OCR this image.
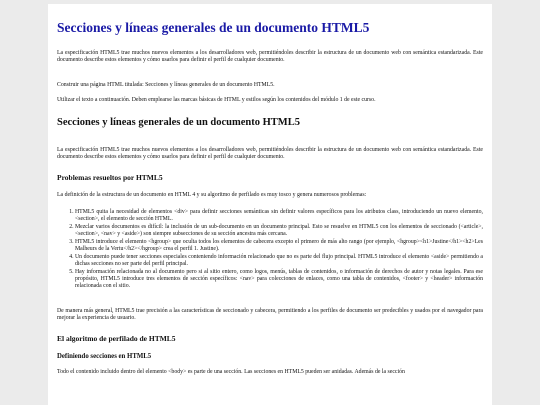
Secciones y líneas generales de un documento HTML5

La especificación HTML5 trae muchos nuevos elementos a los desarrolladores web, permitiéndoles describir la estructura de un documento web con semántica estandarizada. Este documento describe estos elementos y cómo usarlos para definir el perfil de cualquier documento.

Construir una página HTML titulada: Secciones y líneas generales de un documento HTML5.

Utilizar el texto a continuación. Deben emplearse las marcas básicas de HTML y estilos según los contenidos del módulo 1 de este curso.

Secciones y líneas generales de un documento HTML5

La especificación HTML5 trae muchos nuevos elementos a los desarrolladores web, permitiéndoles describir la estructura de un documento web con semántica estandarizada. Este documento describe estos elementos y cómo usarlos para definir el perfil de cualquier documento.

Problemas resueltos por HTML5

La definición de la estructura de un documento en HTML 4 y su algoritmo de perfilado es muy tosco y genera numerosos problemas:

1. HTML5 quita la necesidad de elementos <div> para definir secciones semánticas sin definir valores específicos para los atributos class, introduciendo un nuevo elemento, <section>, el elemento de sección HTML.
2. Mezclar varios documentos es difícil: la inclusión de un sub-documento en un documento principal. Esto se resuelve en HTML5 con los elementos de seccionado (<article>, <section>, <nav> y <aside>) son siempre subsecciones de su sección ancestra más cercana.
3. HTML5 introduce el elemento <hgroup> que oculta todos los elementos de cabecera excepto el primero de más alto rango (por ejemplo, <hgroup><h1>Justine</h1><h2>Les Malheurs de la Vertu</h2></hgroup> crea el perfil 1. Justine).
4. Un documento puede tener secciones especiales conteniendo información relacionado que no es parte del flujo principal. HTML5 introduce el elemento <aside> permitiendo a dichas secciones no ser parte del perfil principal.
5. Hay información relacionada no al documento pero si al sitio entero, como logos, menús, tablas de contenidos, o información de derechos de autor y notas legales. Para ese propósito, HTML5 introduce tres elementos de sección específicos: <nav> para colecciones de enlaces, como una tabla de contenidos, <footer> y <header> información relacionada con el sitio.

De manera más general, HTML5 trae precisión a las características de seccionado y cabecera, permitiendo a los perfiles de documento ser predecibles y usados por el navegador para mejorar la experiencia de usuario.

El algoritmo de perfilado de HTML5
Definiendo secciones en HTML5

Todo el contenido incluido dentro del elemento <body> es parte de una sección. Las secciones en HTML5 pueden ser anidadas. Además de la sección
